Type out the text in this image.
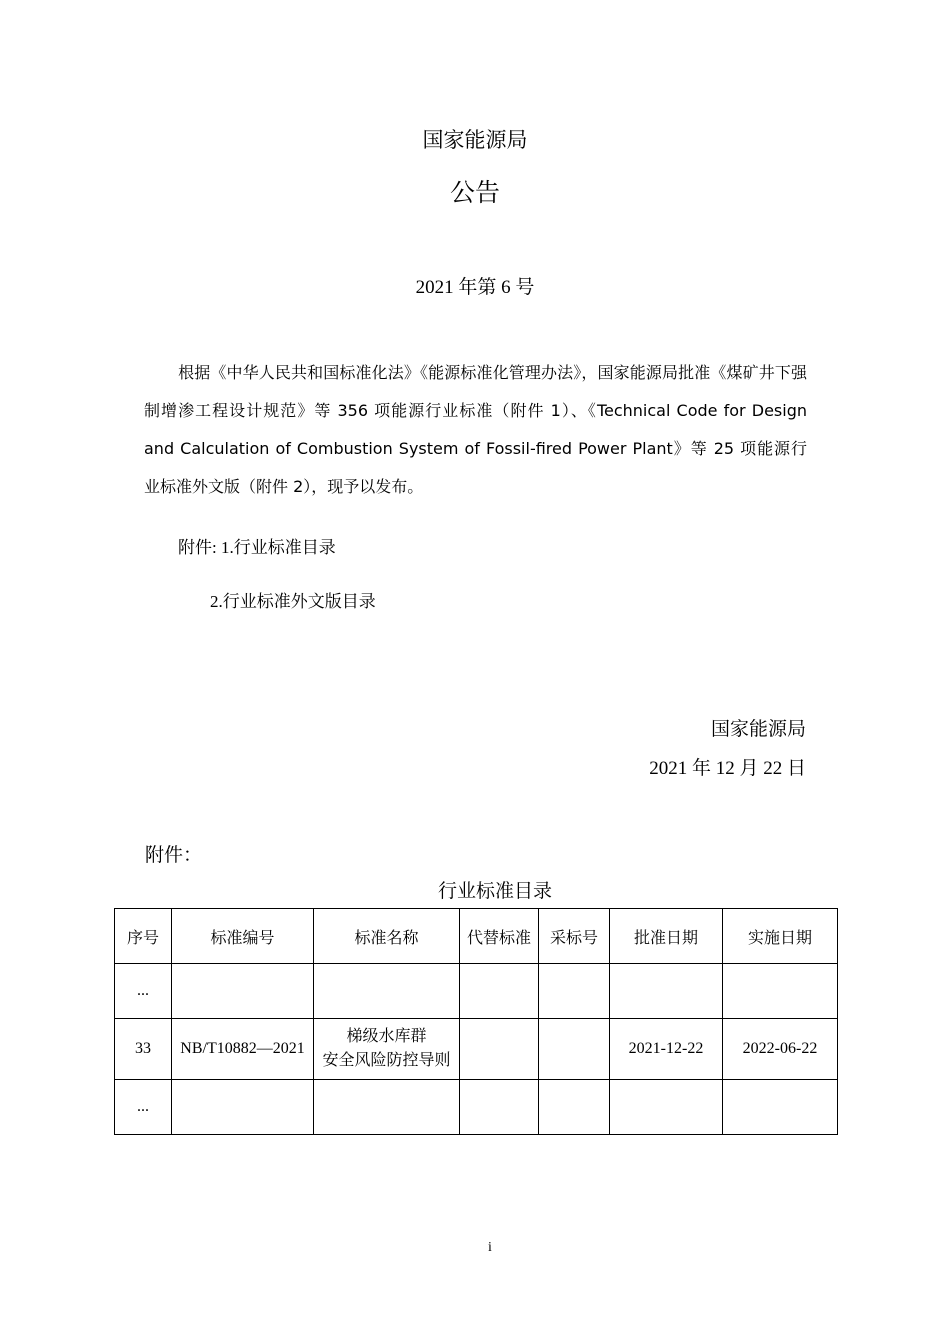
国家能源局
公告
2021 年第 6 号
根据《中华人民共和国标准化法》《能源标准化管理办法》，国家能源局批准《煤矿井下强制增渗工程设计规范》等 356 项能源行业标准（附件 1）、《Technical Code for Design and Calculation of Combustion System of Fossil-fired Power Plant》等 25 项能源行业标准外文版（附件 2），现予以发布。
附件: 1.行业标准目录
2.行业标准外文版目录
国家能源局
2021 年 12 月 22 日
附件：
行业标准目录
序号	标准编号	标准名称	代替标准	采标号	批准日期	实施日期
...						
33	NB/T10882—2021	梯级水库群
安全风险防控导则			2021-12-22	2022-06-22
...						
i
